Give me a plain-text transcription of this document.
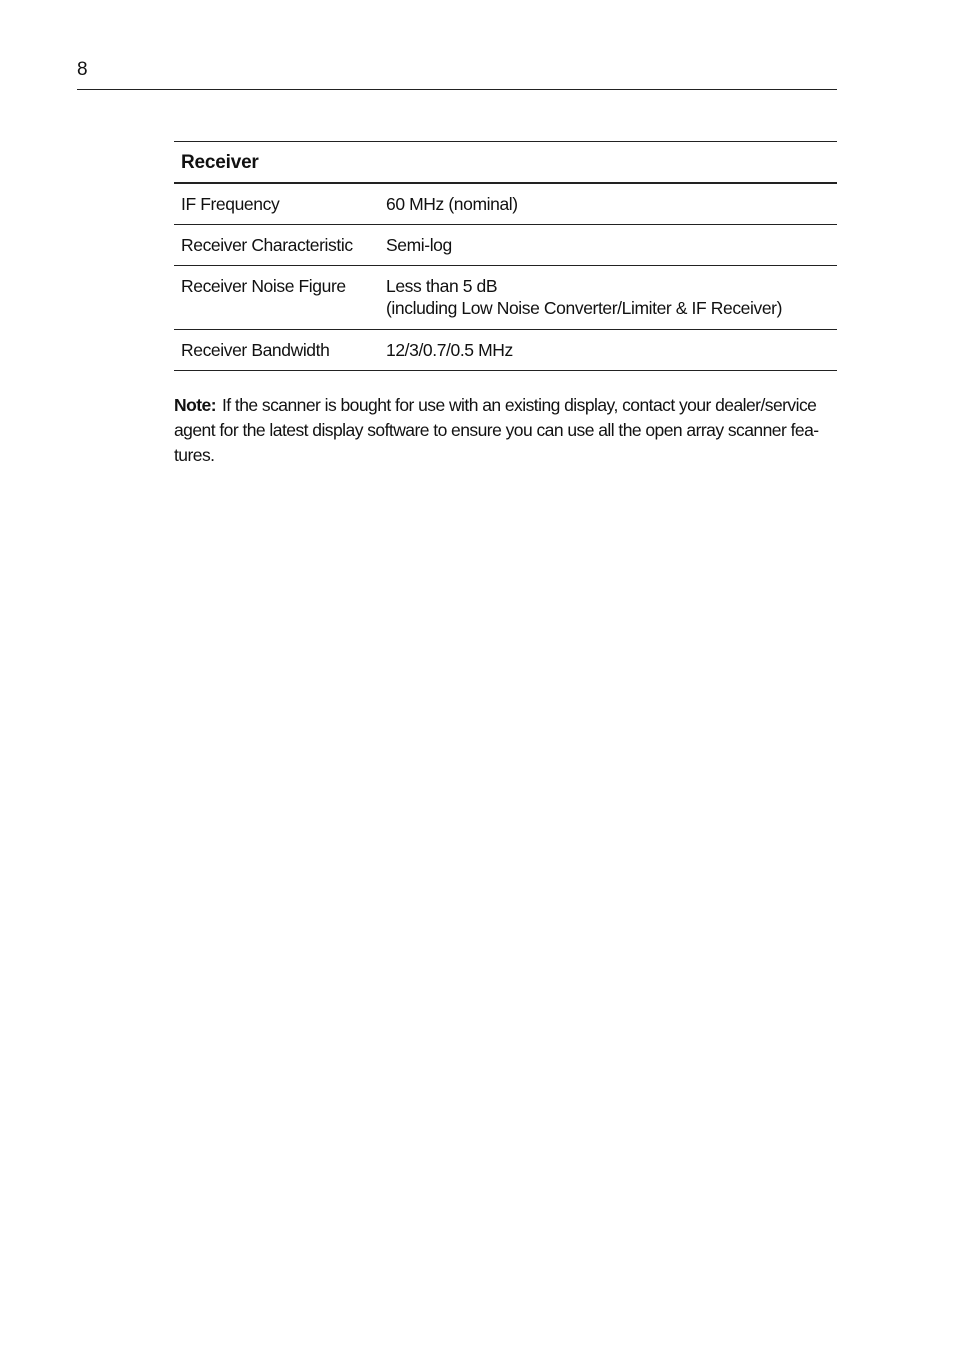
8
Receiver
IF Frequency	60 MHz (nominal)
Receiver Characteristic	Semi-log
Receiver Noise Figure	Less than 5 dB
(including Low Noise Converter/Limiter & IF Receiver)
Receiver Bandwidth	12/3/0.7/0.5 MHz
Note: If the scanner is bought for use with an existing display, contact your dealer/service agent for the latest display software to ensure you can use all the open array scanner fea-tures.
